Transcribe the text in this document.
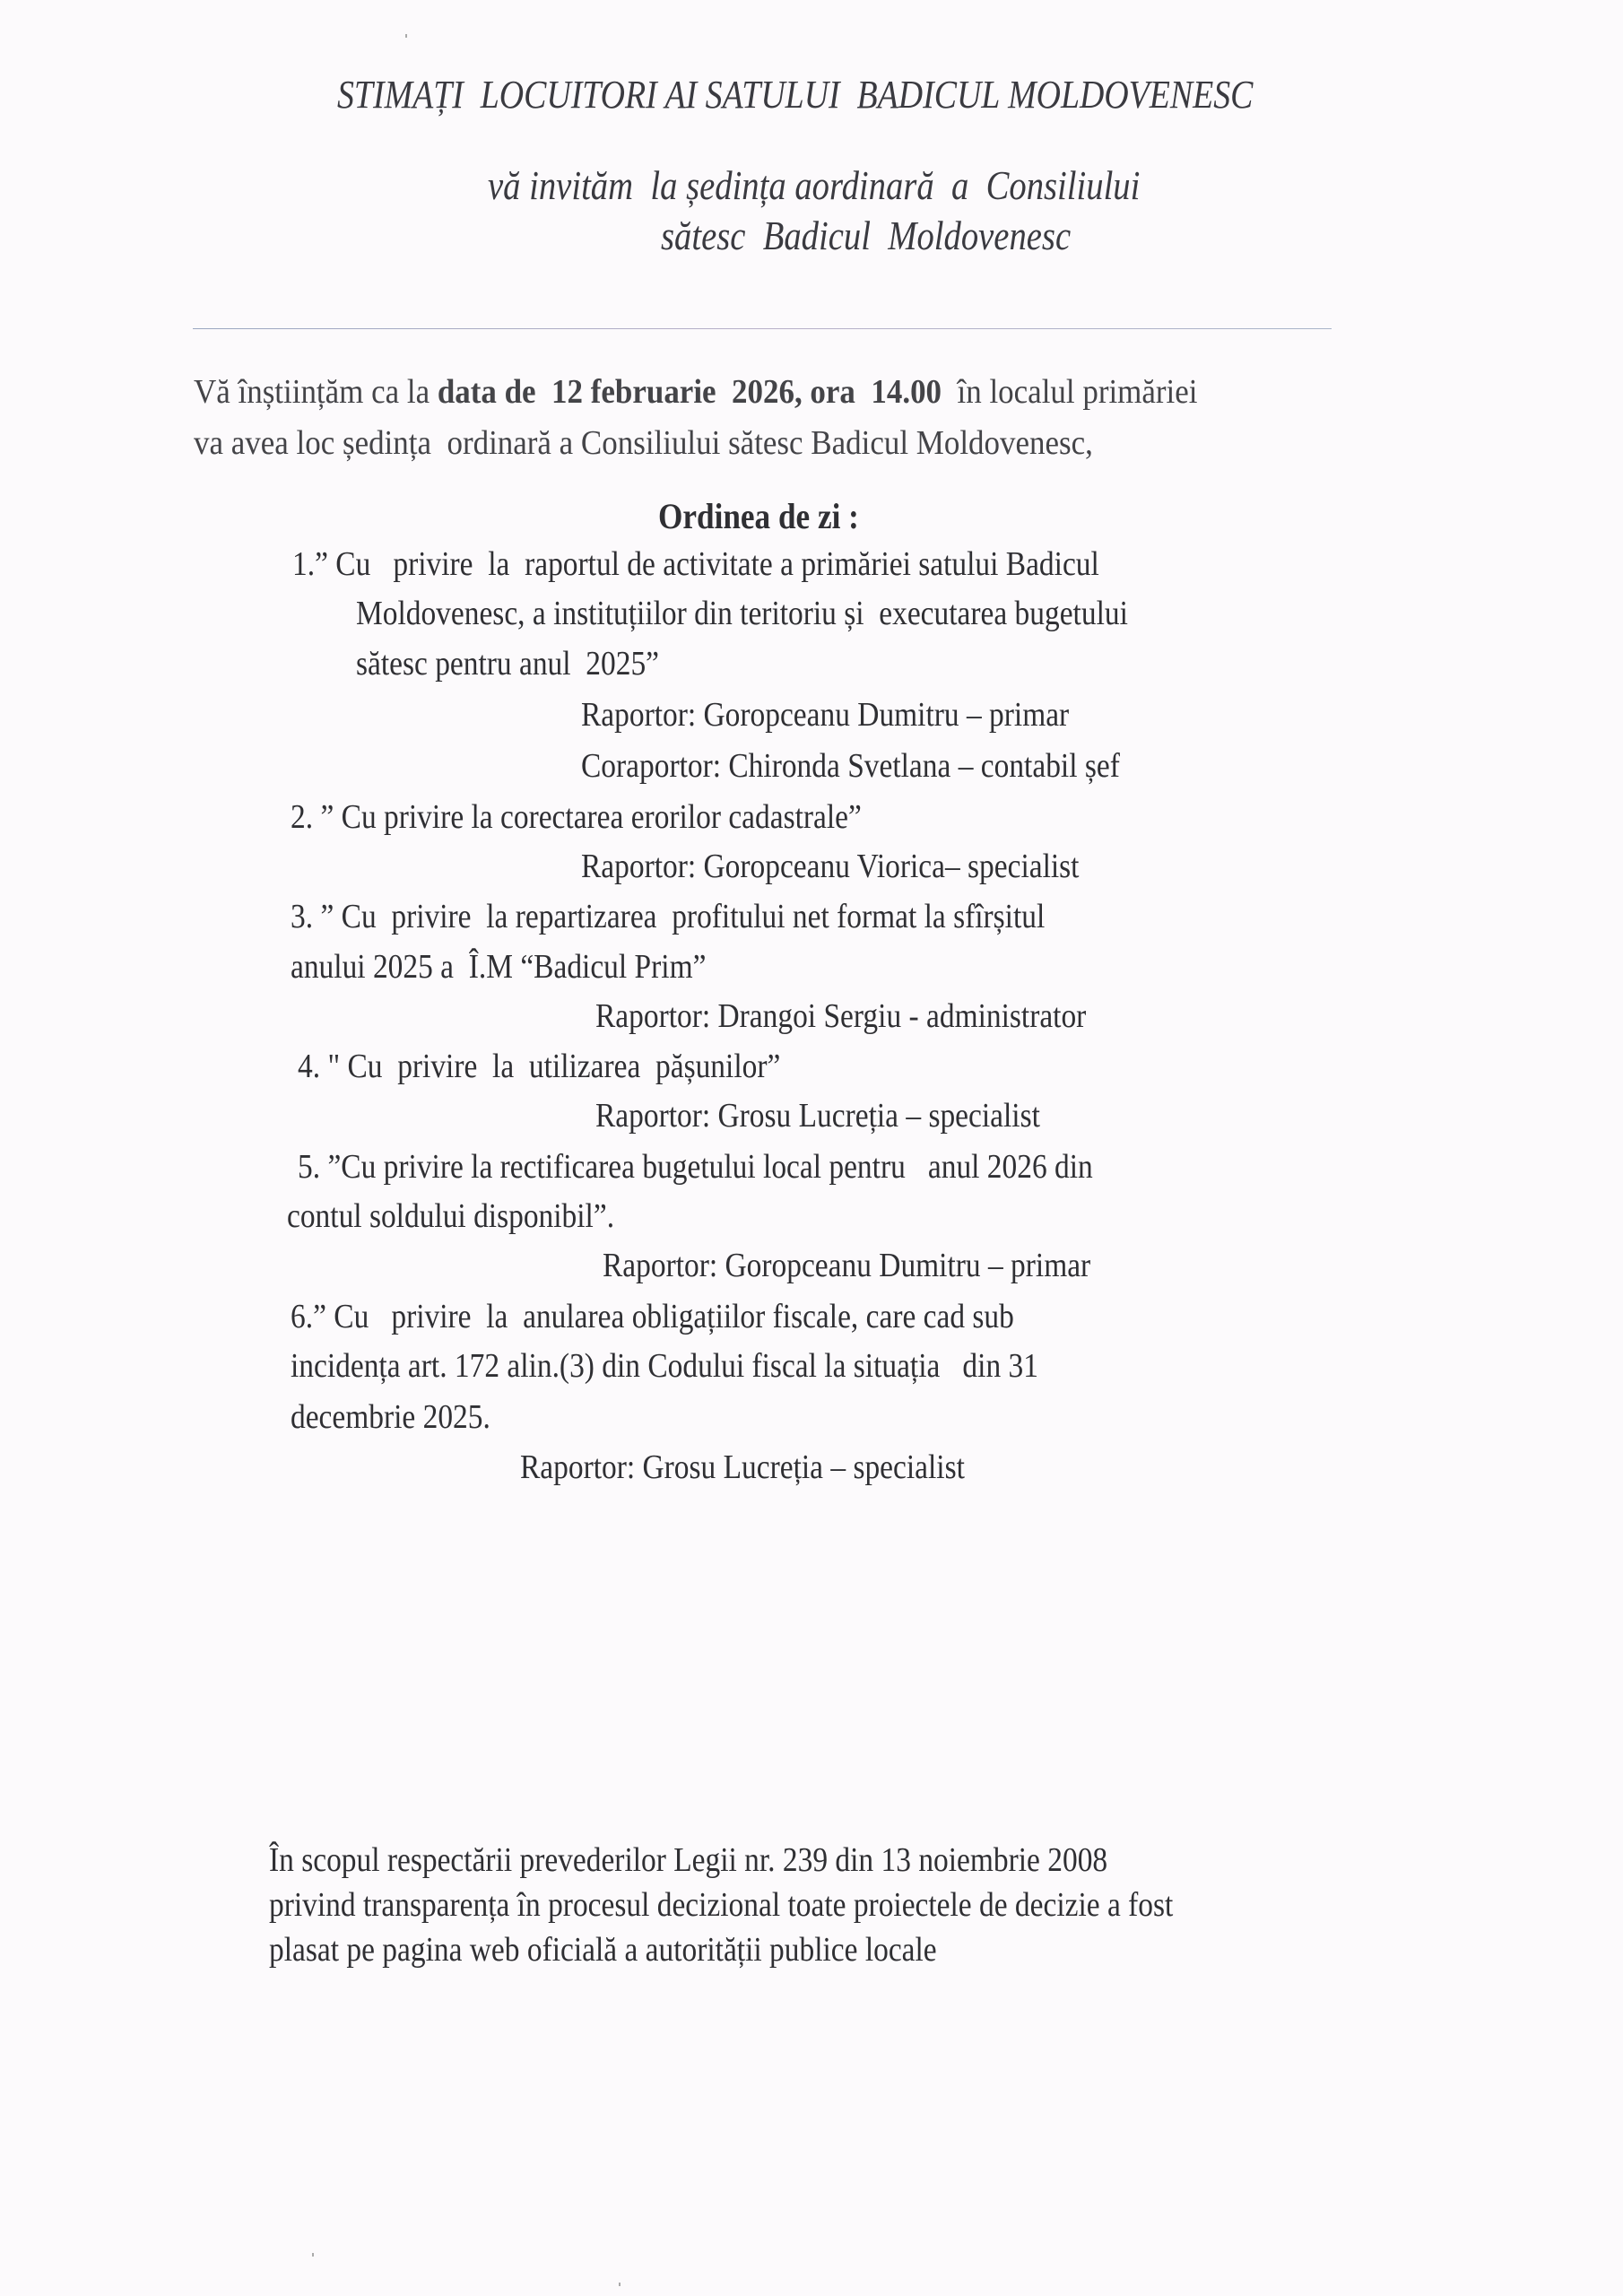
STIMAȚI  LOCUITORI AI SATULUI  BADICUL MOLDOVENESC
vă invităm  la ședința aordinară  a  Consiliului
sătesc  Badicul  Moldovenesc
Vă înștiințăm ca la data de  12 februarie  2026, ora  14.00  în localul primăriei
va avea loc ședința  ordinară a Consiliului sătesc Badicul Moldovenesc,
Ordinea de zi :
1.” Cu   privire  la  raportul de activitate a primăriei satului Badicul
Moldovenesc, a instituțiilor din teritoriu și  executarea bugetului
sătesc pentru anul  2025”
Raportor: Goropceanu Dumitru – primar
Coraportor: Chironda Svetlana – contabil șef
2. ” Cu privire la corectarea erorilor cadastrale”
Raportor: Goropceanu Viorica– specialist
3. ” Cu  privire  la repartizarea  profitului net format la sfîrșitul
anului 2025 a  Î.M “Badicul Prim”
Raportor: Drangoi Sergiu - administrator
4. " Cu  privire  la  utilizarea  pășunilor”
Raportor: Grosu Lucreția – specialist
5. ”Cu privire la rectificarea bugetului local pentru   anul 2026 din
contul soldului disponibil”.
Raportor: Goropceanu Dumitru – primar
6.” Cu   privire  la  anularea obligațiilor fiscale, care cad sub
incidența art. 172 alin.(3) din Codului fiscal la situația   din 31
decembrie 2025.
Raportor: Grosu Lucreția – specialist
În scopul respectării prevederilor Legii nr. 239 din 13 noiembrie 2008
privind transparența în procesul decizional toate proiectele de decizie a fost
plasat pe pagina web oficială a autorității publice locale
